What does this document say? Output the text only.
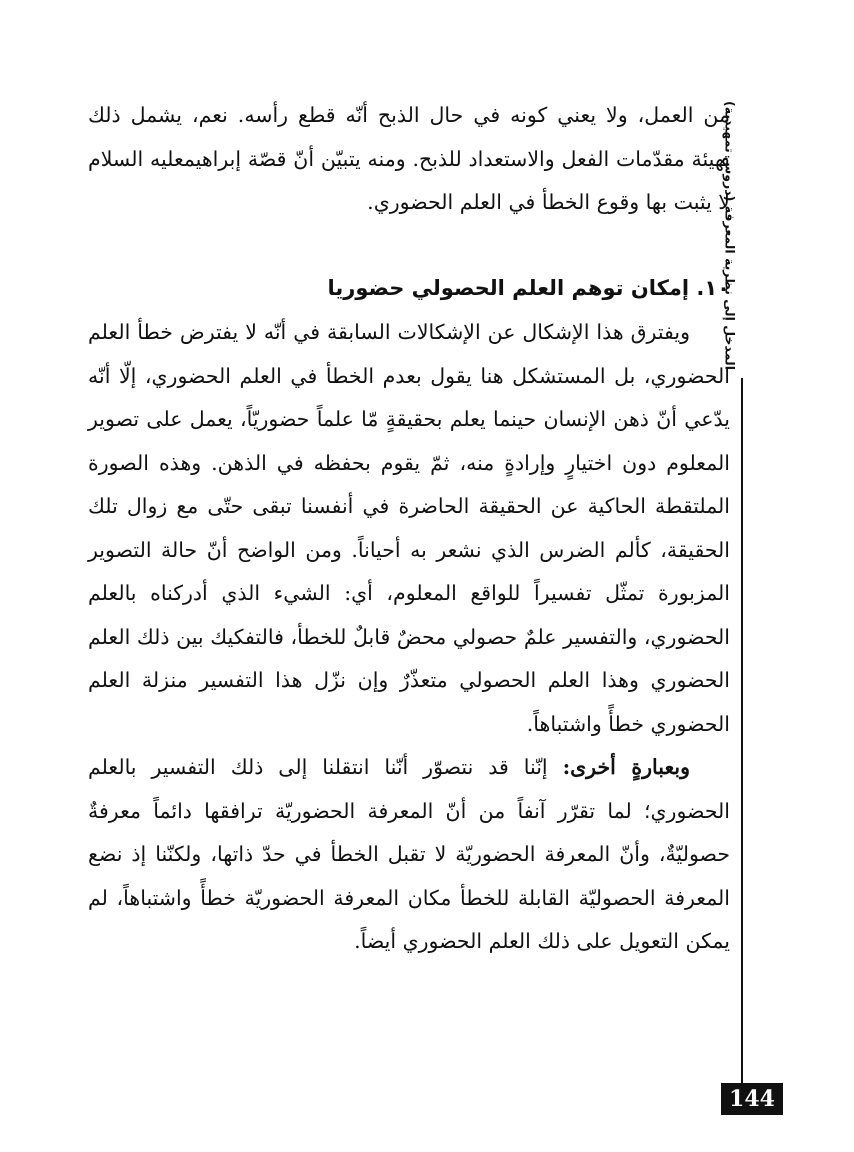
المدخل إلى نظرية المعرفة (دروس تمهيدية)

من العمل، ولا يعني كونه في حال الذبح أنّه قطع رأسه. نعم، يشمل ذلك تهيئة مقدّمات الفعل والاستعداد للذبح. ومنه يتبيّن أنّ قصّة إبراهيمعليه السلام لا يثبت بها وقوع الخطأ في العلم الحضوري.

١٠. إمكان توهم العلم الحصولي حضوريا

ويفترق هذا الإشكال عن الإشكالات السابقة في أنّه لا يفترض خطأ العلم الحضوري، بل المستشكل هنا يقول بعدم الخطأ في العلم الحضوري، إلّا أنّه يدّعي أنّ ذهن الإنسان حينما يعلم بحقيقةٍ مّا علماً حضوريّاً، يعمل على تصوير المعلوم دون اختيارٍ وإرادةٍ منه، ثمّ يقوم بحفظه في الذهن. وهذه الصورة الملتقطة الحاكية عن الحقيقة الحاضرة في أنفسنا تبقى حتّى مع زوال تلك الحقيقة، كألم الضرس الذي نشعر به أحياناً. ومن الواضح أنّ حالة التصوير المزبورة تمثّل تفسيراً للواقع المعلوم، أي: الشيء الذي أدركناه بالعلم الحضوري، والتفسير علمٌ حصولي محضٌ قابلٌ للخطأ، فالتفكيك بين ذلك العلم الحضوري وهذا العلم الحصولي متعذّرٌ وإن نزّل هذا التفسير منزلة العلم الحضوري خطأً واشتباهاً.

وبعبارةٍ أخرى: إنّنا قد نتصوّر أنّنا انتقلنا إلى ذلك التفسير بالعلم الحضوري؛ لما تقرّر آنفاً من أنّ المعرفة الحضوريّة ترافقها دائماً معرفةٌ حصوليّةٌ، وأنّ المعرفة الحضوريّة لا تقبل الخطأ في حدّ ذاتها، ولكنّنا إذ نضع المعرفة الحصوليّة القابلة للخطأ مكان المعرفة الحضوريّة خطأً واشتباهاً، لم يمكن التعويل على ذلك العلم الحضوري أيضاً.

144
